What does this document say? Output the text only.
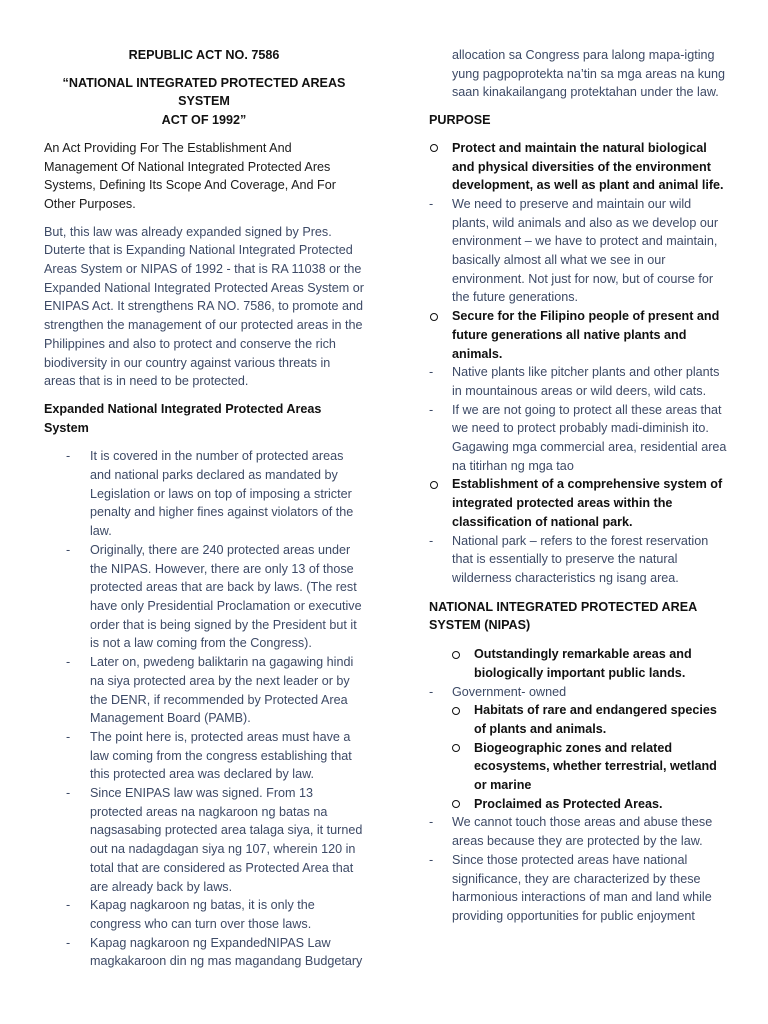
REPUBLIC ACT NO. 7586

“NATIONAL INTEGRATED PROTECTED AREAS SYSTEM

ACT OF 1992”

An Act Providing For The Establishment And Management Of National Integrated Protected Ares Systems, Defining Its Scope And Coverage, And For Other Purposes.

But, this law was already expanded signed by Pres. Duterte that is Expanding National Integrated Protected Areas System or NIPAS of 1992 - that is RA 11038 or the Expanded National Integrated Protected Areas System or ENIPAS Act. It strengthens RA NO. 7586, to promote and strengthen the management of our protected areas in the Philippines and also to protect and conserve the rich biodiversity in our country against various threats in areas that is in need to be protected.

Expanded National Integrated Protected Areas System

- It is covered in the number of protected areas and national parks declared as mandated by Legislation or laws on top of imposing a stricter penalty and higher fines against violators of the law.
- Originally, there are 240 protected areas under the NIPAS. However, there are only 13 of those protected areas that are back by laws. (The rest have only Presidential Proclamation or executive order that is being signed by the President but it is not a law coming from the Congress).
- Later on, pwedeng baliktarin na gagawing hindi na siya protected area by the next leader or by the DENR, if recommended by Protected Area Management Board (PAMB).
- The point here is, protected areas must have a law coming from the congress establishing that this protected area was declared by law.
- Since ENIPAS law was signed. From 13 protected areas na nagkaroon ng batas na nagsasabing protected area talaga siya, it turned out na nadagdagan siya ng 107, wherein 120 in total that are considered as Protected Area that are already back by laws.
- Kapag nagkaroon ng batas, it is only the congress who can turn over those laws.
- Kapag nagkaroon ng ExpandedNIPAS Law magkakaroon din ng mas magandang Budgetary
allocation sa Congress para lalong mapa-igting yung pagpoprotekta na’tin sa mga areas na kung saan kinakailangang protektahan under the law.

PURPOSE

Protect and maintain the natural biological and physical diversities of the environment development, as well as plant and animal life.
- We need to preserve and maintain our wild plants, wild animals and also as we develop our environment – we have to protect and maintain, basically almost all what we see in our environment. Not just for now, but of course for the future generations.
Secure for the Filipino people of present and future generations all native plants and animals.
- Native plants like pitcher plants and other plants in mountainous areas or wild deers, wild cats.
- If we are not going to protect all these areas that we need to protect probably madi-diminish ito. Gagawing mga commercial area, residential area na titirhan ng mga tao
Establishment of a comprehensive system of integrated protected areas within the classification of national park.
- National park – refers to the forest reservation that is essentially to preserve the natural wilderness characteristics ng isang area.

NATIONAL INTEGRATED PROTECTED AREA SYSTEM (NIPAS)

Outstandingly remarkable areas and biologically important public lands.
- Government- owned
Habitats of rare and endangered species of plants and animals.
Biogeographic zones and related ecosystems, whether terrestrial, wetland or marine
Proclaimed as Protected Areas.
- We cannot touch those areas and abuse these areas because they are protected by the law.
- Since those protected areas have national significance, they are characterized by these harmonious interactions of man and land while providing opportunities for public enjoyment
